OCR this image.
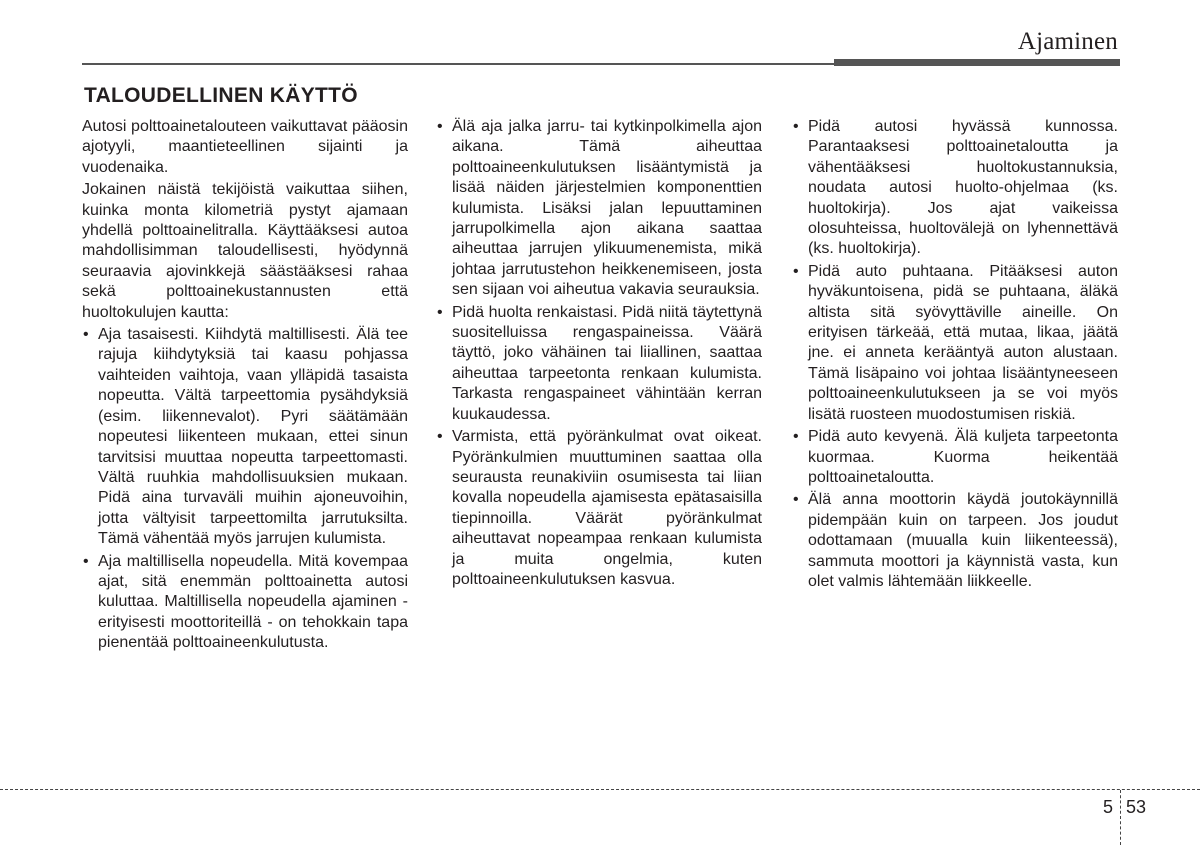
Ajaminen
TALOUDELLINEN KÄYTTÖ

Autosi polttoainetalouteen vaikuttavat pääosin ajotyyli, maantieteellinen sijainti ja vuodenaika.

Jokainen näistä tekijöistä vaikuttaa siihen, kuinka monta kilometriä pystyt ajamaan yhdellä polttoainelitralla. Käyttääksesi autoa mahdollisimman taloudellisesti, hyödynnä seuraavia ajovinkkejä säästääksesi rahaa sekä polttoainekustannusten että huoltokulujen kautta:

• Aja tasaisesti. Kiihdytä maltillisesti. Älä tee rajuja kiihdytyksiä tai kaasu pohjassa vaihteiden vaihtoja, vaan ylläpidä tasaista nopeutta. Vältä tarpeettomia pysähdyksiä (esim. liikennevalot). Pyri säätämään nopeutesi liikenteen mukaan, ettei sinun tarvitsisi muuttaa nopeutta tarpeettomasti. Vältä ruuhkia mahdollisuuksien mukaan. Pidä aina turvaväli muihin ajoneuvoihin, jotta vältyisit tarpeettomilta jarrutuksilta. Tämä vähentää myös jarrujen kulumista.
• Aja maltillisella nopeudella. Mitä kovempaa ajat, sitä enemmän polttoainetta autosi kuluttaa. Maltillisella nopeudella ajaminen - erityisesti moottoriteillä - on tehokkain tapa pienentää polttoaineenkulutusta.
• Älä aja jalka jarru- tai kytkinpolkimella ajon aikana. Tämä aiheuttaa polttoaineenkulutuksen lisääntymistä ja lisää näiden järjestelmien komponenttien kulumista. Lisäksi jalan lepuuttaminen jarrupolkimella ajon aikana saattaa aiheuttaa jarrujen ylikuumenemista, mikä johtaa jarrutustehon heikkenemiseen, josta sen sijaan voi aiheutua vakavia seurauksia.
• Pidä huolta renkaistasi. Pidä niitä täytettynä suositelluissa rengaspaineissa. Väärä täyttö, joko vähäinen tai liiallinen, saattaa aiheuttaa tarpeetonta renkaan kulumista. Tarkasta rengaspaineet vähintään kerran kuukaudessa.
• Varmista, että pyöränkulmat ovat oikeat. Pyöränkulmien muuttuminen saattaa olla seurausta reunakiviin osumisesta tai liian kovalla nopeudella ajamisesta epätasaisilla tiepinnoilla. Väärät pyöränkulmat aiheuttavat nopeampaa renkaan kulumista ja muita ongelmia, kuten polttoaineenkulutuksen kasvua.
• Pidä autosi hyvässä kunnossa. Parantaaksesi polttoainetaloutta ja vähentääksesi huoltokustannuksia, noudata autosi huolto-ohjelmaa (ks. huoltokirja). Jos ajat vaikeissa olosuhteissa, huoltovälejä on lyhennettävä (ks. huoltokirja).
• Pidä auto puhtaana. Pitääksesi auton hyväkuntoisena, pidä se puhtaana, äläkä altista sitä syövyttäville aineille. On erityisen tärkeää, että mutaa, likaa, jäätä jne. ei anneta kerääntyä auton alustaan. Tämä lisäpaino voi johtaa lisääntyneeseen polttoaineenkulutukseen ja se voi myös lisätä ruosteen muodostumisen riskiä.
• Pidä auto kevyenä. Älä kuljeta tarpeetonta kuormaa. Kuorma heikentää polttoainetaloutta.
• Älä anna moottorin käydä joutokäynnillä pidempään kuin on tarpeen. Jos joudut odottamaan (muualla kuin liikenteessä), sammuta moottori ja käynnistä vasta, kun olet valmis lähtemään liikkeelle.
5 53
